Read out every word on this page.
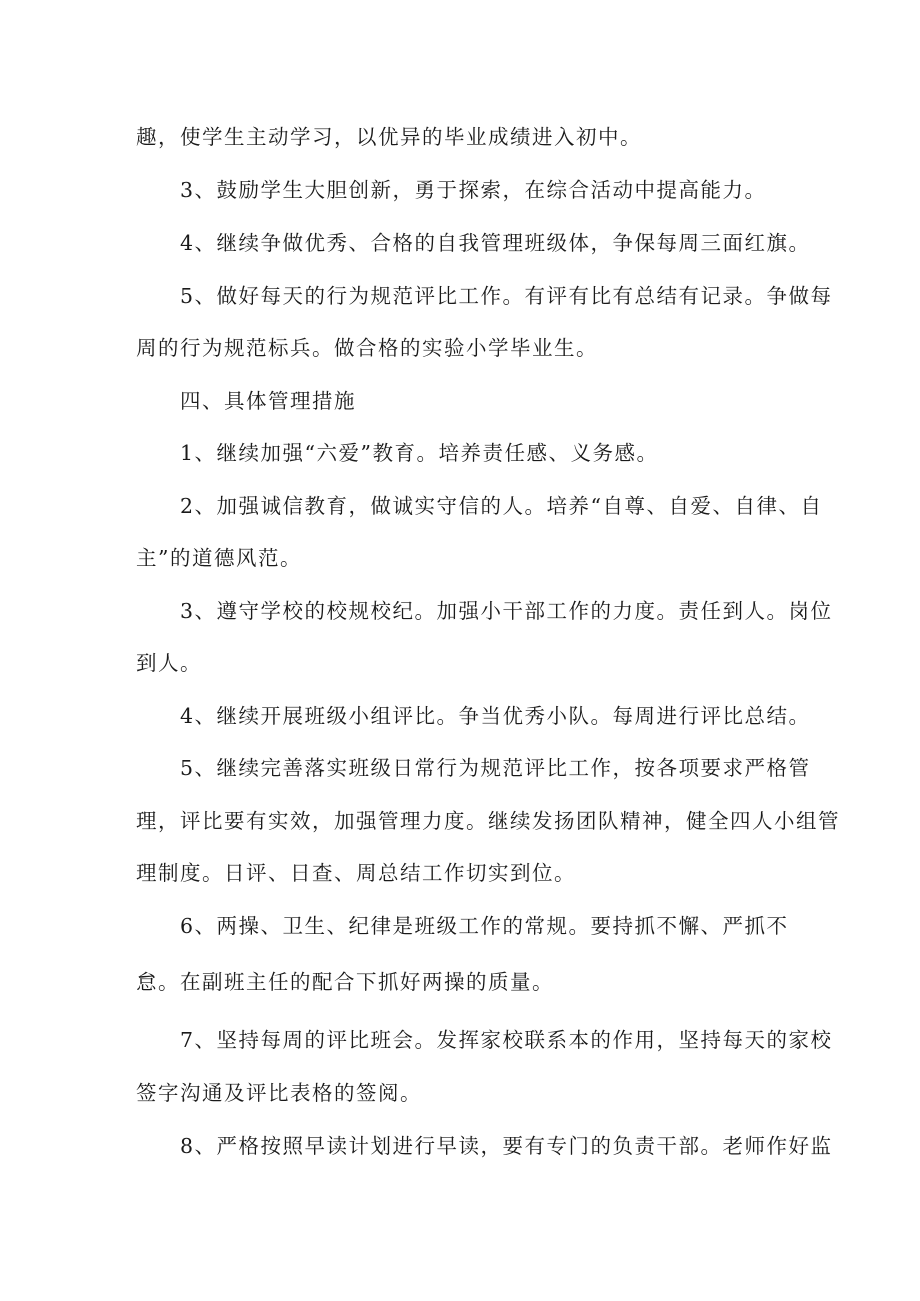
趣，使学生主动学习，以优异的毕业成绩进入初中。
3、鼓励学生大胆创新，勇于探索，在综合活动中提高能力。
4、继续争做优秀、合格的自我管理班级体，争保每周三面红旗。
5、做好每天的行为规范评比工作。有评有比有总结有记录。争做每
周的行为规范标兵。做合格的实验小学毕业生。
四、具体管理措施
1、继续加强“六爱”教育。培养责任感、义务感。
2、加强诚信教育，做诚实守信的人。培养“自尊、自爱、自律、自
主”的道德风范。
3、遵守学校的校规校纪。加强小干部工作的力度。责任到人。岗位
到人。
4、继续开展班级小组评比。争当优秀小队。每周进行评比总结。
5、继续完善落实班级日常行为规范评比工作，按各项要求严格管
理，评比要有实效，加强管理力度。继续发扬团队精神，健全四人小组管
理制度。日评、日查、周总结工作切实到位。
6、两操、卫生、纪律是班级工作的常规。要持抓不懈、严抓不
怠。在副班主任的配合下抓好两操的质量。
7、坚持每周的评比班会。发挥家校联系本的作用，坚持每天的家校
签字沟通及评比表格的签阅。
8、严格按照早读计划进行早读，要有专门的负责干部。老师作好监
